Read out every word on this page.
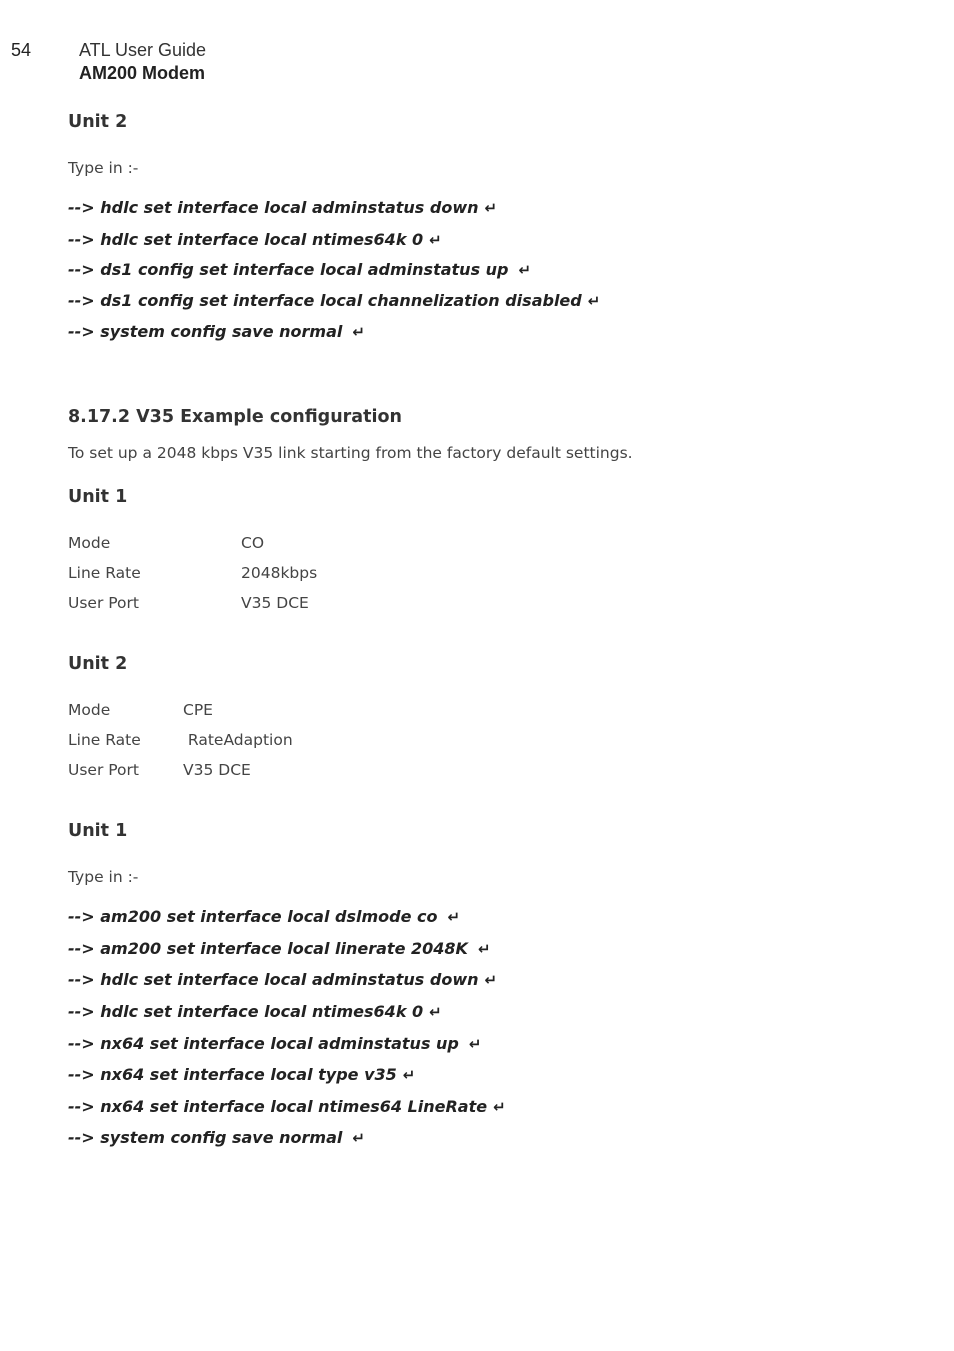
54	ATL User Guide
AM200 Modem
Unit 2
Type in :-
--> hdlc set interface local adminstatus down ↵
--> hdlc set interface local ntimes64k 0 ↵
--> ds1 config set interface local adminstatus up ↵
--> ds1 config set interface local channelization disabled ↵
--> system config save normal ↵
8.17.2 V35 Example configuration
To set up a 2048 kbps V35 link starting from the factory default settings.
Unit 1
Mode	CO
Line Rate	2048kbps
User Port	V35 DCE
Unit 2
Mode	CPE
Line Rate	RateAdaption
User Port	V35 DCE
Unit 1
Type in :-
--> am200 set interface local dslmode co ↵
--> am200 set interface local linerate 2048K ↵
--> hdlc set interface local adminstatus down ↵
--> hdlc set interface local ntimes64k 0 ↵
--> nx64 set interface local adminstatus up ↵
--> nx64 set interface local type v35 ↵
--> nx64 set interface local ntimes64 LineRate ↵
--> system config save normal ↵
